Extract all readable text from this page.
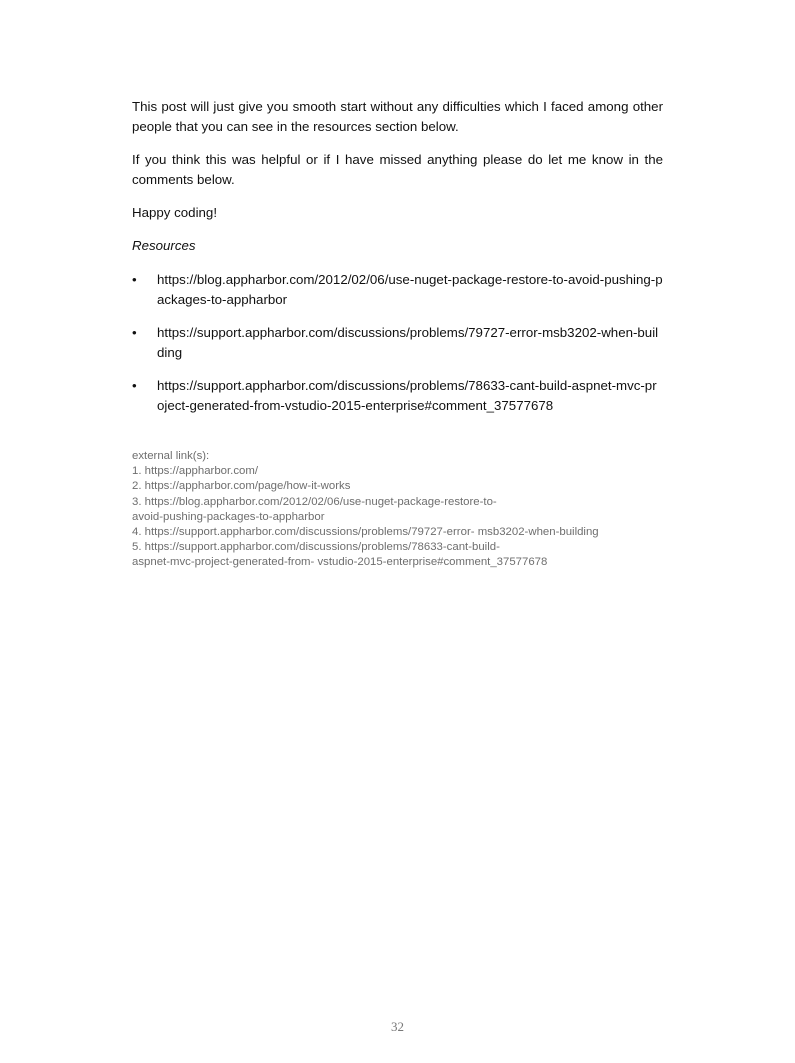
This post will just give you smooth start without any difficulties which I faced among other people that you can see in the resources section below.

If you think this was helpful or if I have missed anything please do let me know in the comments below.

Happy coding!

Resources

• https://blog.appharbor.com/2012/02/06/use-nuget-package-restore-to-avoid-pushing-packages-to-appharbor
• https://support.appharbor.com/discussions/problems/79727-error-msb3202-when-building
• https://support.appharbor.com/discussions/problems/78633-cant-build-aspnet-mvc-project-generated-from-vstudio-2015-enterprise#comment_37577678
external link(s):
1. https://appharbor.com/
2. https://appharbor.com/page/how-it-works
3. https://blog.appharbor.com/2012/02/06/use-nuget-package-restore-to-
avoid-pushing-packages-to-appharbor
4. https://support.appharbor.com/discussions/problems/79727-error- msb3202-when-building
5. https://support.appharbor.com/discussions/problems/78633-cant-build-
aspnet-mvc-project-generated-from- vstudio-2015-enterprise#comment_37577678
32
